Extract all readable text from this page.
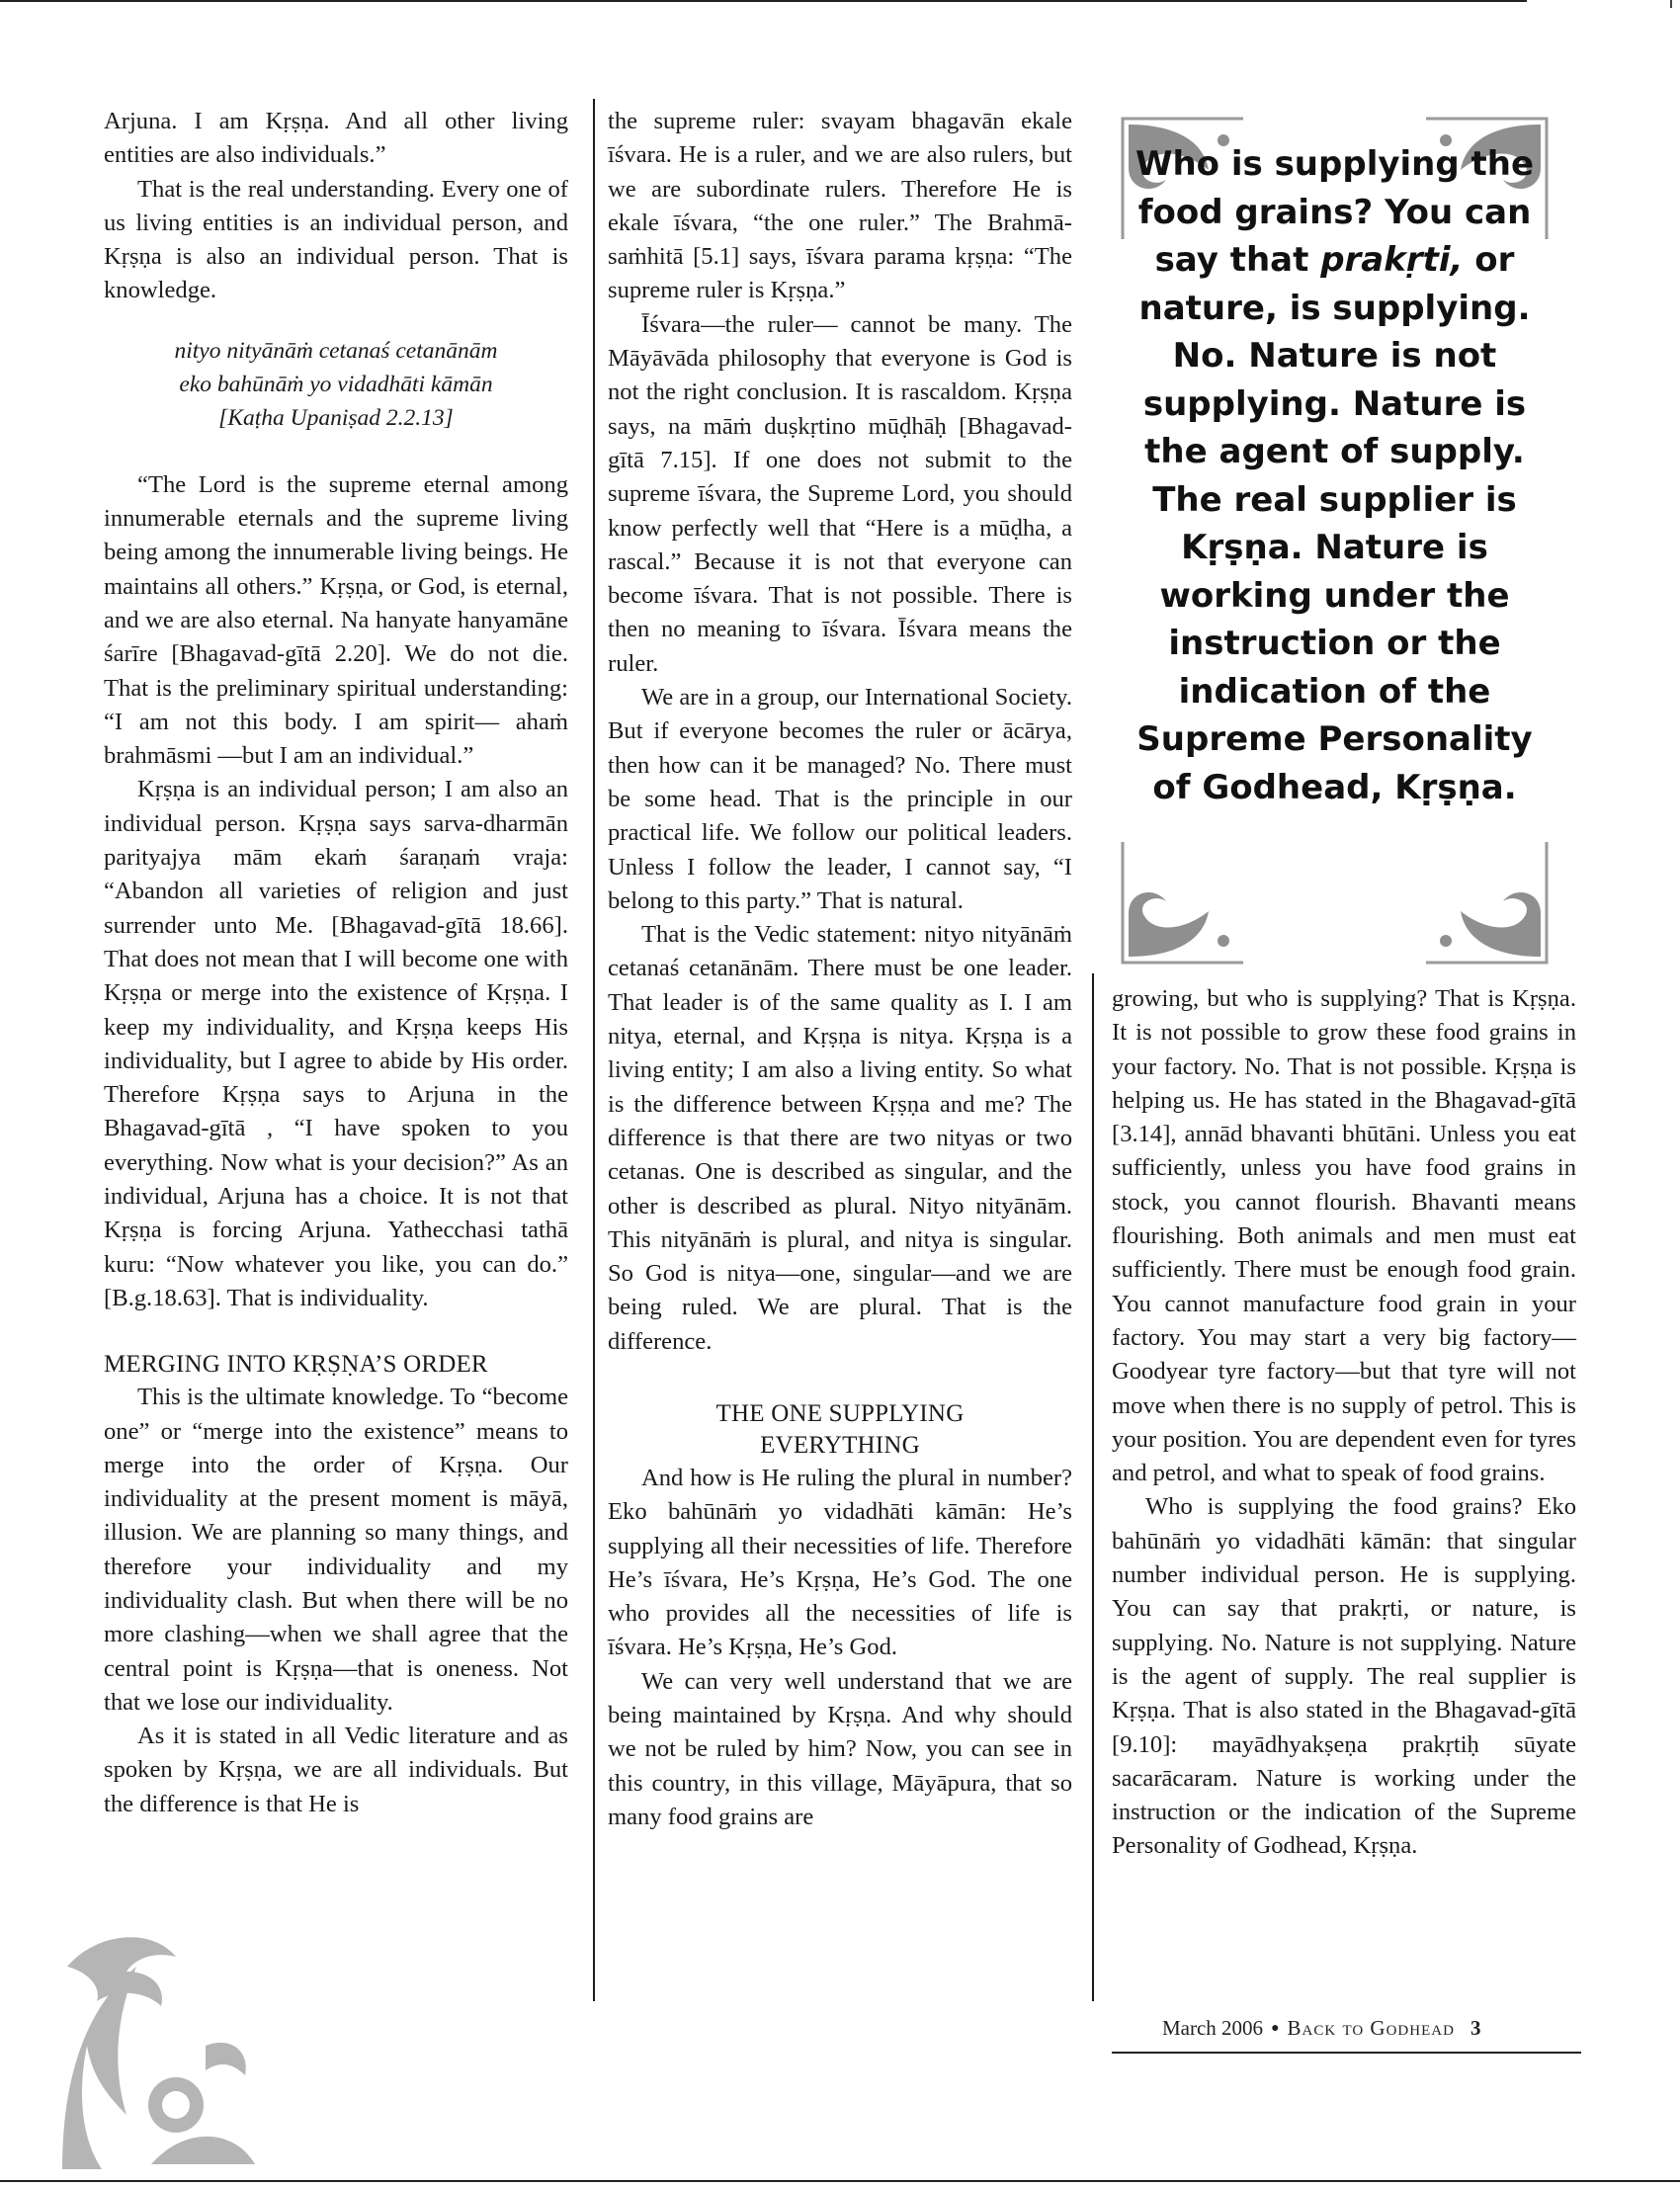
Arjuna. I am Kṛṣṇa. And all other living entities are also individuals.”

That is the real understanding. Every one of us living entities is an individual person, and Kṛṣṇa is also an individual person. That is knowledge.

nityo nityānāṁ cetanaś cetanānām
eko bahūnāṁ yo vidadhāti kāmān
[Kaṭha Upaniṣad 2.2.13]

“The Lord is the supreme eternal among innumerable eternals and the supreme living being among the innumerable living beings. He maintains all others.” Kṛṣṇa, or God, is eternal, and we are also eternal. Na hanyate hanyamāne śarīre [Bhagavad-gītā 2.20]. We do not die. That is the preliminary spiritual understanding: “I am not this body. I am spirit— ahaṁ brahmāsmi —but I am an individual.”

Kṛṣṇa is an individual person; I am also an individual person. Kṛṣṇa says sarva-dharmān parityajya mām ekaṁ śaraṇaṁ vraja: “Abandon all varieties of religion and just surrender unto Me. [Bhagavad-gītā 18.66]. That does not mean that I will become one with Kṛṣṇa or merge into the existence of Kṛṣṇa. I keep my individuality, and Kṛṣṇa keeps His individuality, but I agree to abide by His order. Therefore Kṛṣṇa says to Arjuna in the Bhagavad-gītā , “I have spoken to you everything. Now what is your decision?” As an individual, Arjuna has a choice. It is not that Kṛṣṇa is forcing Arjuna. Yathecchasi tathā kuru: “Now whatever you like, you can do.” [B.g.18.63]. That is individuality.

MERGING INTO KṚṢṆA’S ORDER

This is the ultimate knowledge. To “become one” or “merge into the existence” means to merge into the order of Kṛṣṇa. Our individuality at the present moment is māyā, illusion. We are planning so many things, and therefore your individuality and my individuality clash. But when there will be no more clashing—when we shall agree that the central point is Kṛṣṇa—that is oneness. Not that we lose our individuality.

As it is stated in all Vedic literature and as spoken by Kṛṣṇa, we are all individuals. But the difference is that He is

the supreme ruler: svayam bhagavān ekale īśvara. He is a ruler, and we are also rulers, but we are subordinate rulers. Therefore He is ekale īśvara, “the one ruler.” The Brahmā-saṁhitā [5.1] says, īśvara parama kṛṣṇa: “The supreme ruler is Kṛṣṇa.”

Īśvara—the ruler— cannot be many. The Māyāvāda philosophy that everyone is God is not the right conclusion. It is rascaldom. Kṛṣṇa says, na māṁ duṣkṛtino mūḍhāḥ [Bhagavad-gītā 7.15]. If one does not submit to the supreme īśvara, the Supreme Lord, you should know perfectly well that “Here is a mūḍha, a rascal.” Because it is not that everyone can become īśvara. That is not possible. There is then no meaning to īśvara. Īśvara means the ruler.

We are in a group, our International Society. But if everyone becomes the ruler or ācārya, then how can it be managed? No. There must be some head. That is the principle in our practical life. We follow our political leaders. Unless I follow the leader, I cannot say, “I belong to this party.” That is natural.

That is the Vedic statement: nityo nityānāṁ cetanaś cetanānām. There must be one leader. That leader is of the same quality as I. I am nitya, eternal, and Kṛṣṇa is nitya. Kṛṣṇa is a living entity; I am also a living entity. So what is the difference between Kṛṣṇa and me? The difference is that there are two nityas or two cetanas. One is described as singular, and the other is described as plural. Nityo nityānām. This nityānāṁ is plural, and nitya is singular. So God is nitya—one, singular—and we are being ruled. We are plural. That is the difference.

THE ONE SUPPLYING
EVERYTHING

And how is He ruling the plural in number? Eko bahūnāṁ yo vidadhāti kāmān: He’s supplying all their necessities of life. Therefore He’s īśvara, He’s Kṛṣṇa, He’s God. The one who provides all the necessities of life is īśvara. He’s Kṛṣṇa, He’s God.

We can very well understand that we are being maintained by Kṛṣṇa. And why should we not be ruled by him? Now, you can see in this country, in this village, Māyāpura, that so many food grains are

Who is supplying the food grains? You can say that prakṛti, or nature, is supplying. No. Nature is not supplying. Nature is the agent of supply. The real supplier is Kṛṣṇa. Nature is working under the instruction or the indication of the Supreme Personality of Godhead, Kṛṣṇa.

growing, but who is supplying? That is Kṛṣṇa. It is not possible to grow these food grains in your factory. No. That is not possible. Kṛṣṇa is helping us. He has stated in the Bhagavad-gītā [3.14], annād bhavanti bhūtāni. Unless you eat sufficiently, unless you have food grains in stock, you cannot flourish. Bhavanti means flourishing. Both animals and men must eat sufficiently. There must be enough food grain. You cannot manufacture food grain in your factory. You may start a very big factory—Goodyear tyre factory—but that tyre will not move when there is no supply of petrol. This is your position. You are dependent even for tyres and petrol, and what to speak of food grains.

Who is supplying the food grains? Eko bahūnāṁ yo vidadhāti kāmān: that singular number individual person. He is supplying. You can say that prakṛti, or nature, is supplying. No. Nature is not supplying. Nature is the agent of supply. The real supplier is Kṛṣṇa. That is also stated in the Bhagavad-gītā [9.10]: mayādhyakṣeṇa prakṛtiḥ sūyate sacarācaram. Nature is working under the instruction or the indication of the Supreme Personality of Godhead, Kṛṣṇa.

March 2006 ● Back to Godhead 3
